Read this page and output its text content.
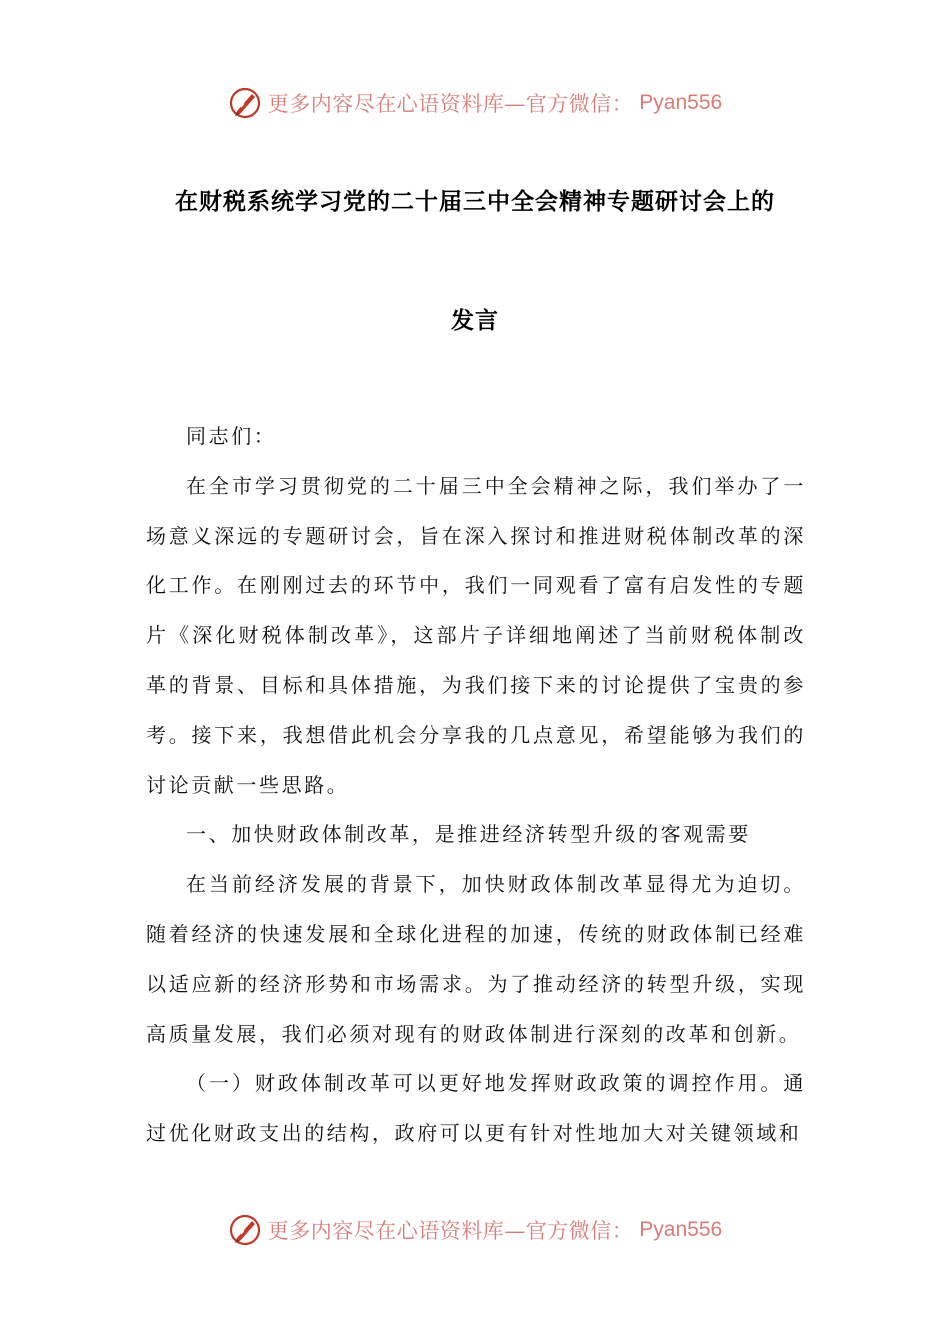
更多内容尽在心语资料库—官方微信： Pyan556
在财税系统学习党的二十届三中全会精神专题研讨会上的
发言

同志们：

在全市学习贯彻党的二十届三中全会精神之际，我们举办了一场意义深远的专题研讨会，旨在深入探讨和推进财税体制改革的深化工作。在刚刚过去的环节中，我们一同观看了富有启发性的专题片《深化财税体制改革》，这部片子详细地阐述了当前财税体制改革的背景、目标和具体措施，为我们接下来的讨论提供了宝贵的参考。接下来，我想借此机会分享我的几点意见，希望能够为我们的讨论贡献一些思路。

一、加快财政体制改革，是推进经济转型升级的客观需要

在当前经济发展的背景下，加快财政体制改革显得尤为迫切。随着经济的快速发展和全球化进程的加速，传统的财政体制已经难以适应新的经济形势和市场需求。为了推动经济的转型升级，实现高质量发展，我们必须对现有的财政体制进行深刻的改革和创新。

（一）财政体制改革可以更好地发挥财政政策的调控作用。通过优化财政支出的结构，政府可以更有针对性地加大对关键领域和

更多内容尽在心语资料库—官方微信： Pyan556
